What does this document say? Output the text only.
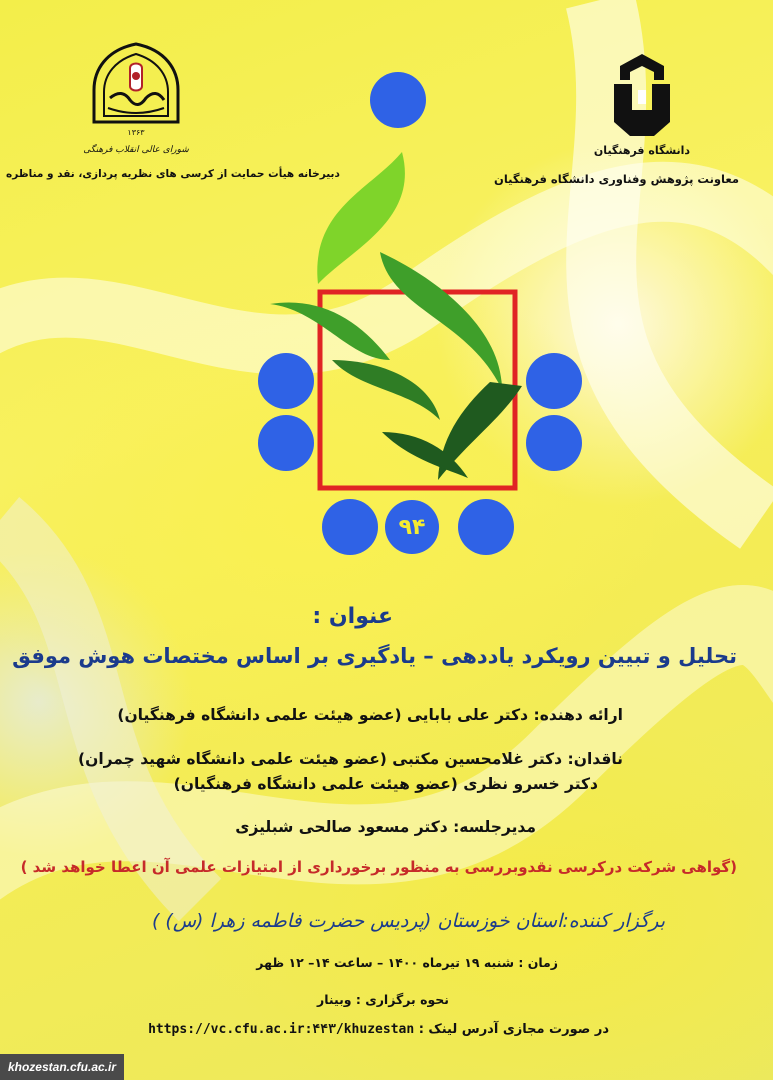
دانشگاه فرهنگیان
معاونت پژوهش وفناوری دانشگاه فرهنگیان
۱۳۶۳
شورای عالی انقلاب فرهنگی
دبیرخانه هیأت حمایت از کرسی های نظریه پردازی، نقد و مناظره
۹۴
عنوان :
تحلیل و تبیین رویکرد یاددهی – یادگیری بر اساس مختصات هوش موفق
ارائه دهنده: دکتر علی بابایی (عضو هیئت علمی دانشگاه فرهنگیان)
ناقدان: دکتر غلامحسین مکتبی (عضو هیئت علمی دانشگاه شهید چمران)
دکتر خسرو نظری (عضو هیئت علمی دانشگاه فرهنگیان)
مدیرجلسه: دکتر مسعود صالحی شبلیزی
(گواهی شرکت درکرسی نقدوبررسی به منظور برخورداری از امتیازات علمی آن اعطا خواهد شد )
برگزار کننده:استان خوزستان (پردیس حضرت فاطمه زهرا (س) )
زمان : شنبه ۱۹ تیرماه ۱۴۰۰ – ساعت ۱۴– ۱۲ ظهر
نحوه برگزاری : وبینار
در صورت مجازی آدرس لینک : https://vc.cfu.ac.ir:۴۴۳/khuzestan
khozestan.cfu.ac.ir
